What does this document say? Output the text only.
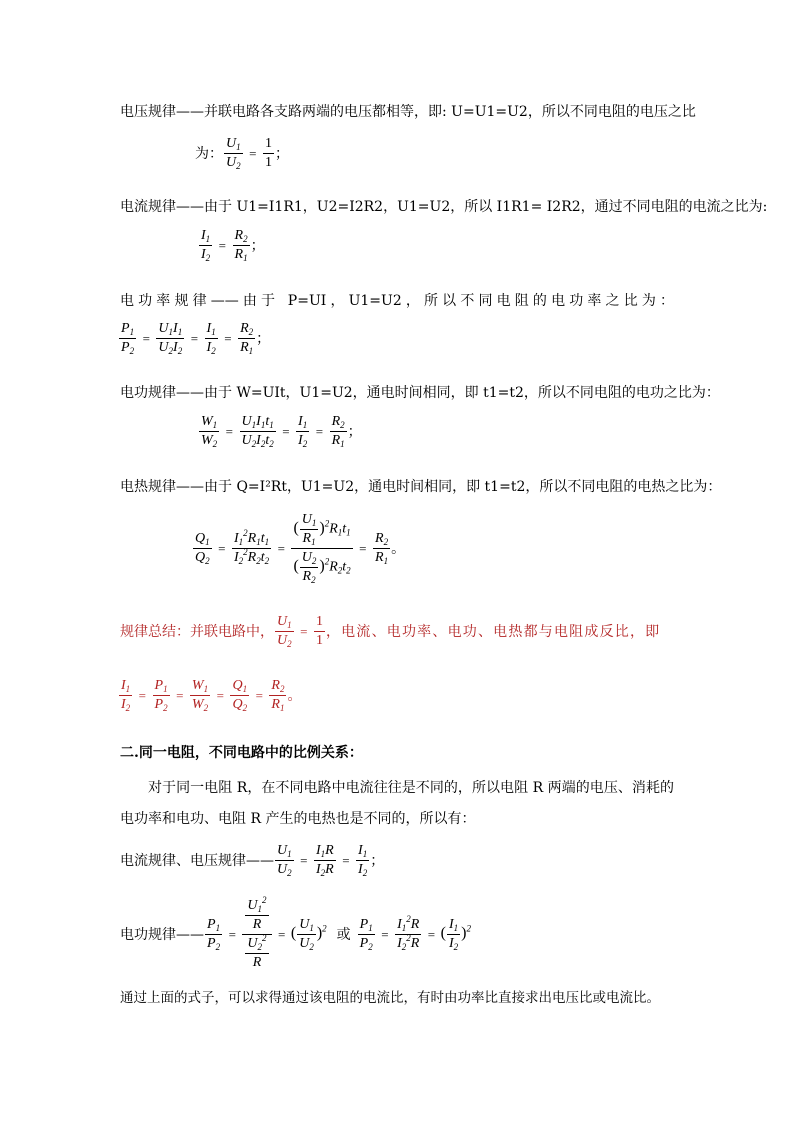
电压规律——并联电路各支路两端的电压都相等，即: U=U1=U2，所以不同电阻的电压之比
为： $\frac{U_1}{U_2} = \frac{1}{1}$ ；
电流规律——由于 U1=I1R1，U2=I2R2，U1=U2，所以 I1R1= I2R2，通过不同电阻的电流之比为:
$\frac{I_1}{I_2} = \frac{R_2}{R_1}$ ；
电功率规律——由于 P=UI，U1=U2，所以不同电阻的电功率之比为：
$\frac{P_1}{P_2} = \frac{U_1I_1}{U_2I_2} = \frac{I_1}{I_2} = \frac{R_2}{R_1}$ ；
电功规律——由于 W=UIt，U1=U2，通电时间相同，即 t1=t2，所以不同电阻的电功之比为：
$\frac{W_1}{W_2} = \frac{U_1I_1t_1}{U_2I_2t_2} = \frac{I_1}{I_2} = \frac{R_2}{R_1}$ ；
电热规律——由于 Q=I²Rt，U1=U2，通电时间相同，即 t1=t2，所以不同电阻的电热之比为：
$\frac{Q_1}{Q_2} = \frac{I_1^2R_1t_1}{I_2^2R_2t_2} = \frac{( \frac{U_1}{R_1} )^2R_1t_1}{( \frac{U_2}{R_2} )^2R_2t_2} = \frac{R_2}{R_1}$ 。
规律总结：并联电路中， $\frac{U_1}{U_2} = \frac{1}{1}$ ，电流、电功率、电功、电热都与电阻成反比，即
$\frac{I_1}{I_2} = \frac{P_1}{P_2} = \frac{W_1}{W_2} = \frac{Q_1}{Q_2} = \frac{R_2}{R_1}$ 。
二.同一电阻，不同电路中的比例关系：
对于同一电阻 R，在不同电路中电流往往是不同的，所以电阻 R 两端的电压、消耗的
电功率和电功、电阻 R 产生的电热也是不同的，所以有：
电流规律、电压规律—— $\frac{U_1}{U_2} = \frac{I_1R}{I_2R} = \frac{I_1}{I_2}$ ；
电功规律—— $\frac{P_1}{P_2} = \frac{\frac{U_1^2}{R}}{\frac{U_2^2}{R}}$ = ( $\frac{U_1}{U_2} )^2$ 或 $\frac{P_1}{P_2} = \frac{I_1^2R}{I_2^2R}$ = ( $\frac{I_1}{I_2} )^2$
通过上面的式子，可以求得通过该电阻的电流比，有时由功率比直接求出电压比或电流比。
